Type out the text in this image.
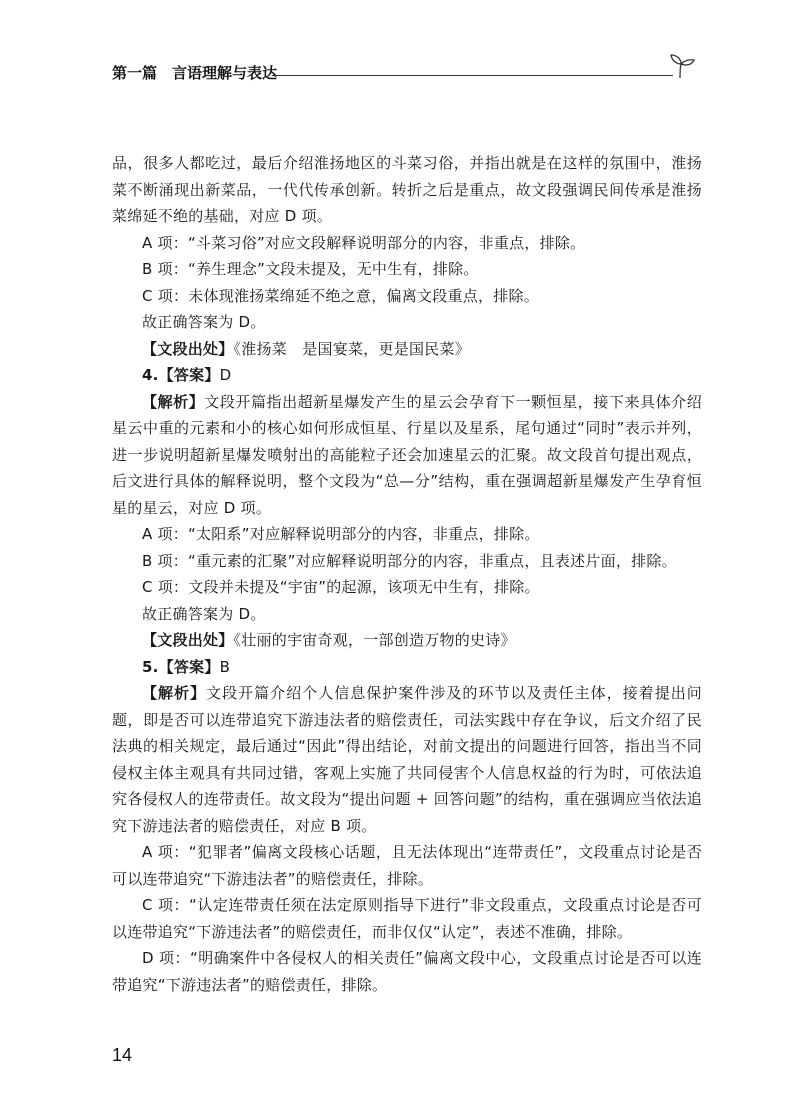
第一篇　言语理解与表达

品，很多人都吃过，最后介绍淮扬地区的斗菜习俗，并指出就是在这样的氛围中，淮扬菜不断涌现出新菜品，一代代传承创新。转折之后是重点，故文段强调民间传承是淮扬菜绵延不绝的基础，对应 D 项。

A 项：“斗菜习俗”对应文段解释说明部分的内容，非重点，排除。

B 项：“养生理念”文段未提及，无中生有，排除。

C 项：未体现淮扬菜绵延不绝之意，偏离文段重点，排除。

故正确答案为 D。

【文段出处】《淮扬菜　是国宴菜，更是国民菜》

4.【答案】D

【解析】文段开篇指出超新星爆发产生的星云会孕育下一颗恒星，接下来具体介绍星云中重的元素和小的核心如何形成恒星、行星以及星系，尾句通过“同时”表示并列，进一步说明超新星爆发喷射出的高能粒子还会加速星云的汇聚。故文段首句提出观点，后文进行具体的解释说明，整个文段为“总—分”结构，重在强调超新星爆发产生孕育恒星的星云，对应 D 项。

A 项：“太阳系”对应解释说明部分的内容，非重点，排除。

B 项：“重元素的汇聚”对应解释说明部分的内容，非重点，且表述片面，排除。

C 项：文段并未提及“宇宙”的起源，该项无中生有，排除。

故正确答案为 D。

【文段出处】《壮丽的宇宙奇观，一部创造万物的史诗》

5.【答案】B

【解析】文段开篇介绍个人信息保护案件涉及的环节以及责任主体，接着提出问题，即是否可以连带追究下游违法者的赔偿责任，司法实践中存在争议，后文介绍了民法典的相关规定，最后通过“因此”得出结论，对前文提出的问题进行回答，指出当不同侵权主体主观具有共同过错，客观上实施了共同侵害个人信息权益的行为时，可依法追究各侵权人的连带责任。故文段为“提出问题 + 回答问题”的结构，重在强调应当依法追究下游违法者的赔偿责任，对应 B 项。

A 项：“犯罪者”偏离文段核心话题，且无法体现出“连带责任”，文段重点讨论是否可以连带追究“下游违法者”的赔偿责任，排除。

C 项：“认定连带责任须在法定原则指导下进行”非文段重点，文段重点讨论是否可以连带追究“下游违法者”的赔偿责任，而非仅仅“认定”，表述不准确，排除。

D 项：“明确案件中各侵权人的相关责任”偏离文段中心，文段重点讨论是否可以连带追究“下游违法者”的赔偿责任，排除。

14
